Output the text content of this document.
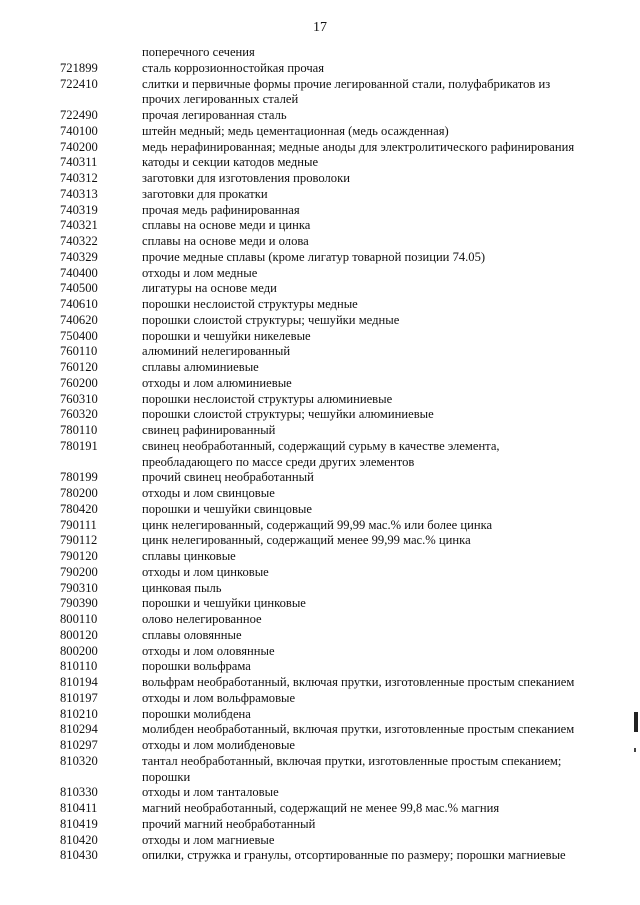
17
поперечного сечения
721899	сталь коррозионностойкая прочая
722410	слитки и первичные формы прочие легированной стали, полуфабрикатов из
прочих легированных сталей
722490	прочая легированная сталь
740100	штейн медный; медь цементационная (медь осажденная)
740200	медь нерафинированная; медные аноды для электролитического рафинирования
740311	катоды и секции катодов медные
740312	заготовки для изготовления проволоки
740313	заготовки для прокатки
740319	прочая медь рафинированная
740321	сплавы на основе меди и цинка
740322	сплавы на основе меди и олова
740329	прочие медные сплавы (кроме лигатур товарной позиции 74.05)
740400	отходы и лом медные
740500	лигатуры на основе меди
740610	порошки неслоистой структуры медные
740620	порошки слоистой структуры; чешуйки медные
750400	порошки и чешуйки никелевые
760110	алюминий нелегированный
760120	сплавы алюминиевые
760200	отходы и лом алюминиевые
760310	порошки неслоистой структуры алюминиевые
760320	порошки слоистой структуры; чешуйки алюминиевые
780110	свинец рафинированный
780191	свинец необработанный, содержащий сурьму в качестве элемента,
преобладающего по массе среди других элементов
780199	прочий свинец необработанный
780200	отходы и лом свинцовые
780420	порошки и чешуйки свинцовые
790111	цинк нелегированный, содержащий 99,99 мас.% или более цинка
790112	цинк нелегированный, содержащий менее 99,99 мас.% цинка
790120	сплавы цинковые
790200	отходы и лом цинковые
790310	цинковая пыль
790390	порошки и чешуйки цинковые
800110	олово нелегированное
800120	сплавы оловянные
800200	отходы и лом оловянные
810110	порошки вольфрама
810194	вольфрам необработанный, включая прутки, изготовленные простым спеканием
810197	отходы и лом вольфрамовые
810210	порошки молибдена
810294	молибден необработанный, включая прутки, изготовленные простым спеканием
810297	отходы и лом молибденовые
810320	тантал необработанный, включая прутки, изготовленные простым спеканием;
порошки
810330	отходы и лом танталовые
810411	магний необработанный, содержащий не менее 99,8 мас.% магния
810419	прочий магний необработанный
810420	отходы и лом магниевые
810430	опилки, стружка и гранулы, отсортированные по размеру; порошки магниевые
